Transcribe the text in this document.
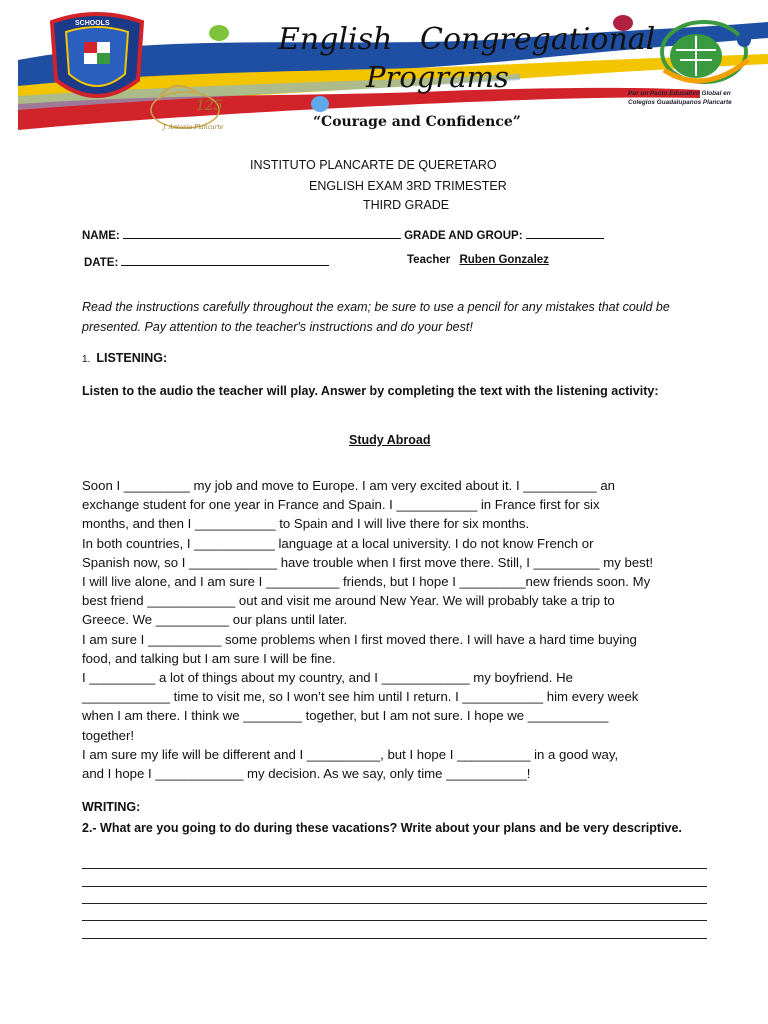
SCHOOLS	English Congregational
Programs
“Courage and Confidence”
125
J. Antonio Plancarte
Por un Pacto Educativo Global en
Colegios Guadalupanos Plancarte
INSTITUTO PLANCARTE DE QUERETARO
ENGLISH EXAM 3RD TRIMESTER
THIRD GRADE
NAME:	GRADE AND GROUP:
DATE:	Teacher Ruben Gonzalez
Read the instructions carefully throughout the exam; be sure to use a pencil for any mistakes that could be presented. Pay attention to the teacher's instructions and do your best!
1. LISTENING:
Listen to the audio the teacher will play. Answer by completing the text with the listening activity:
Study Abroad
Soon I _________ my job and move to Europe. I am very excited about it. I __________ an
exchange student for one year in France and Spain. I ___________ in France first for six
months, and then I ___________ to Spain and I will live there for six months.
In both countries, I ___________ language at a local university. I do not know French or
Spanish now, so I ____________ have trouble when I first move there. Still, I _________ my best!
I will live alone, and I am sure I __________ friends, but I hope I _________new friends soon. My
best friend ____________ out and visit me around New Year. We will probably take a trip to
Greece. We __________ our plans until later.
I am sure I __________ some problems when I first moved there. I will have a hard time buying
food, and talking but I am sure I will be fine.
I _________ a lot of things about my country, and I ____________ my boyfriend. He
____________ time to visit me, so I won’t see him until I return. I ___________ him every week
when I am there. I think we ________ together, but I am not sure. I hope we ___________
together!
I am sure my life will be different and I __________, but I hope I __________ in a good way,
and I hope I ____________ my decision. As we say, only time ___________!
WRITING:
2.- What are you going to do during these vacations? Write about your plans and be very descriptive.
